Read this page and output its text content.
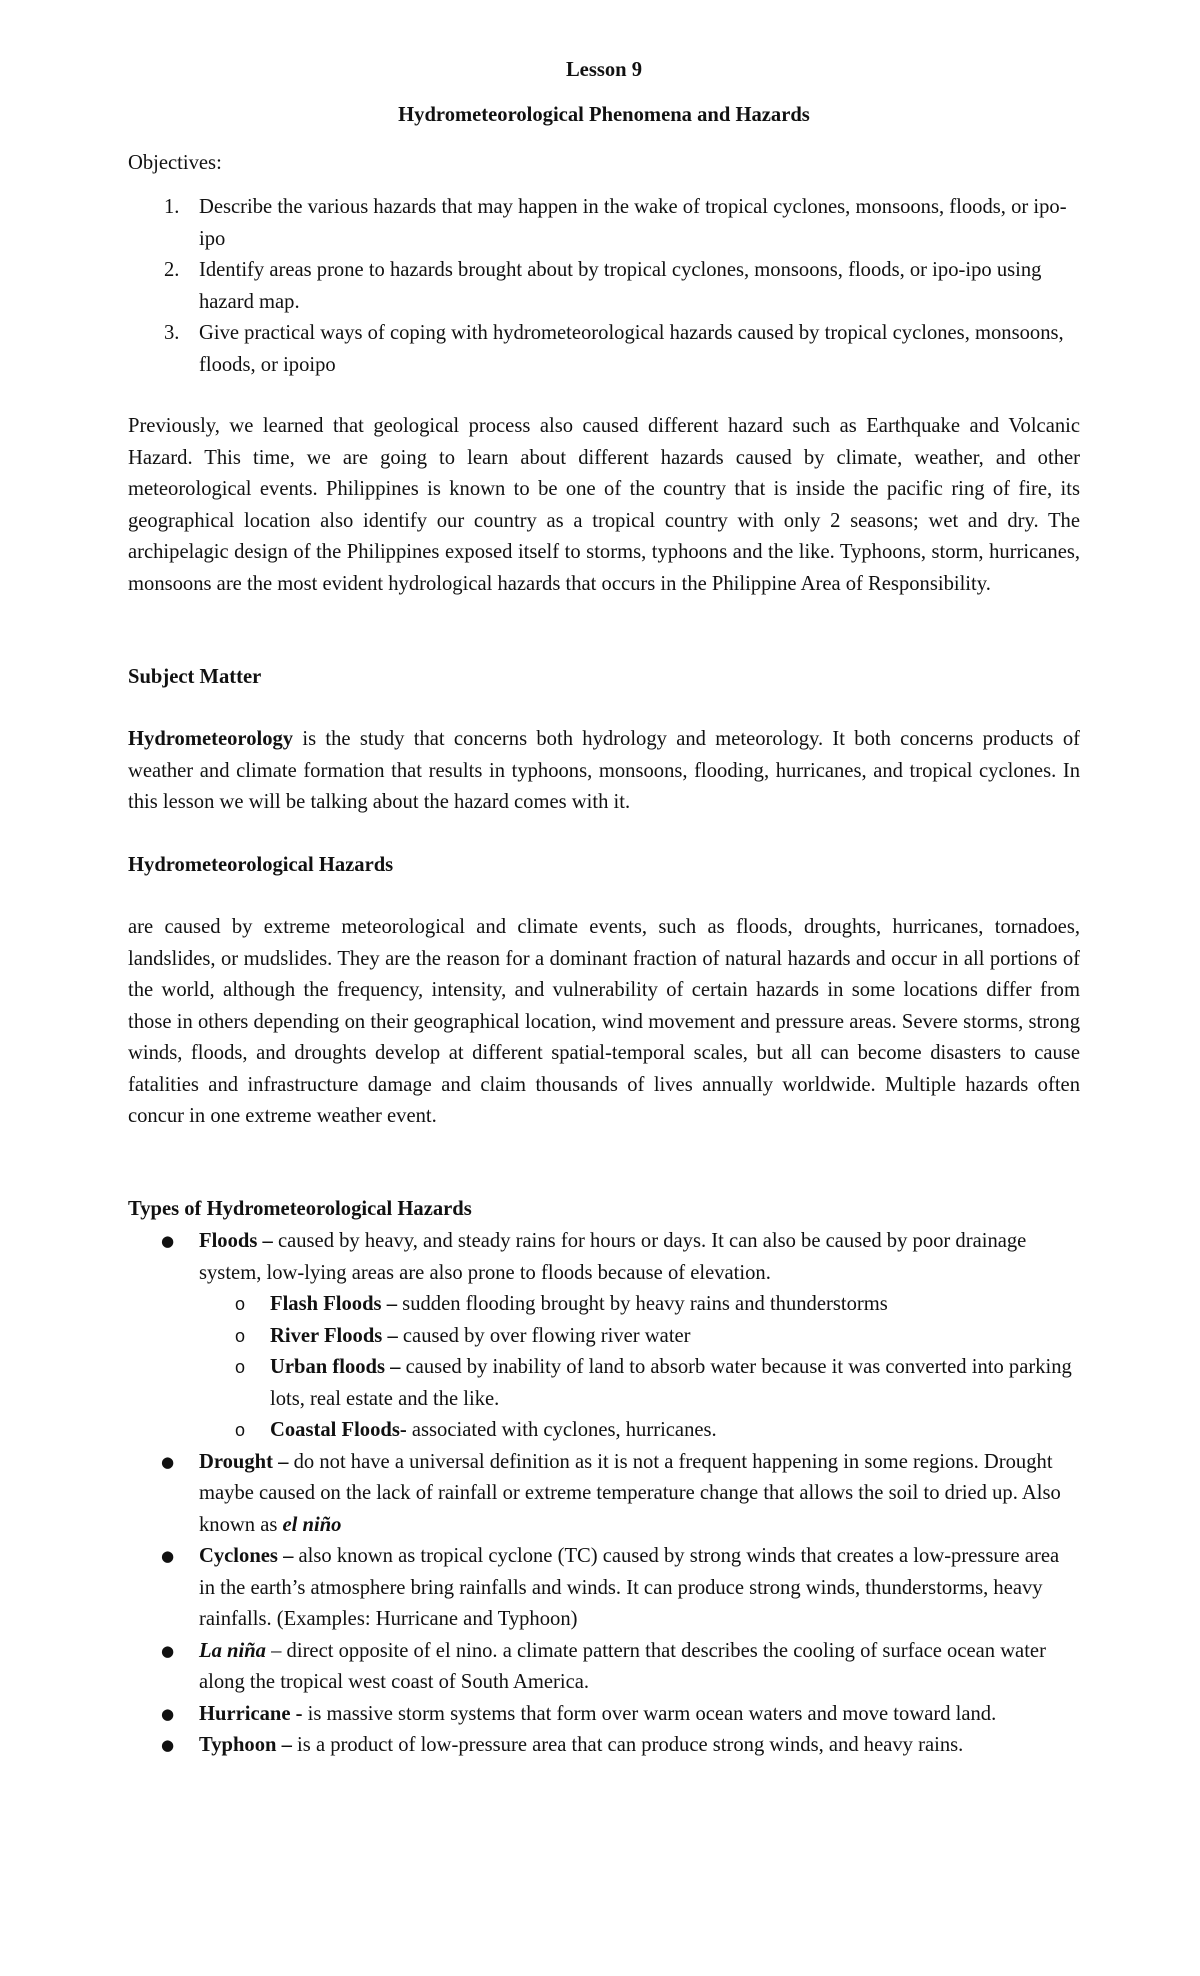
Lesson 9
Hydrometeorological Phenomena and Hazards
Objectives:
1. Describe the various hazards that may happen in the wake of tropical cyclones, monsoons, floods, or ipo-ipo
2. Identify areas prone to hazards brought about by tropical cyclones, monsoons, floods, or ipo-ipo using hazard map.
3. Give practical ways of coping with hydrometeorological hazards caused by tropical cyclones, monsoons, floods, or ipoipo

Previously, we learned that geological process also caused different hazard such as Earthquake and Volcanic Hazard. This time, we are going to learn about different hazards caused by climate, weather, and other meteorological events. Philippines is known to be one of the country that is inside the pacific ring of fire, its geographical location also identify our country as a tropical country with only 2 seasons; wet and dry. The archipelagic design of the Philippines exposed itself to storms, typhoons and the like. Typhoons, storm, hurricanes, monsoons are the most evident hydrological hazards that occurs in the Philippine Area of Responsibility.

Subject Matter

Hydrometeorology is the study that concerns both hydrology and meteorology. It both concerns products of weather and climate formation that results in typhoons, monsoons, flooding, hurricanes, and tropical cyclones. In this lesson we will be talking about the hazard comes with it.

Hydrometeorological Hazards

are caused by extreme meteorological and climate events, such as floods, droughts, hurricanes, tornadoes, landslides, or mudslides. They are the reason for a dominant fraction of natural hazards and occur in all portions of the world, although the frequency, intensity, and vulnerability of certain hazards in some locations differ from those in others depending on their geographical location, wind movement and pressure areas. Severe storms, strong winds, floods, and droughts develop at different spatial-temporal scales, but all can become disasters to cause fatalities and infrastructure damage and claim thousands of lives annually worldwide. Multiple hazards often concur in one extreme weather event.

Types of Hydrometeorological Hazards
● Floods – caused by heavy, and steady rains for hours or days. It can also be caused by poor drainage system, low-lying areas are also prone to floods because of elevation.
o Flash Floods – sudden flooding brought by heavy rains and thunderstorms
o River Floods – caused by over flowing river water
o Urban floods – caused by inability of land to absorb water because it was converted into parking lots, real estate and the like.
o Coastal Floods- associated with cyclones, hurricanes.
● Drought – do not have a universal definition as it is not a frequent happening in some regions. Drought maybe caused on the lack of rainfall or extreme temperature change that allows the soil to dried up. Also known as el niño
● Cyclones – also known as tropical cyclone (TC) caused by strong winds that creates a low-pressure area in the earth’s atmosphere bring rainfalls and winds. It can produce strong winds, thunderstorms, heavy rainfalls. (Examples: Hurricane and Typhoon)
● La niña – direct opposite of el nino. a climate pattern that describes the cooling of surface ocean water along the tropical west coast of South America.
● Hurricane - is massive storm systems that form over warm ocean waters and move toward land.
● Typhoon – is a product of low-pressure area that can produce strong winds, and heavy rains.
